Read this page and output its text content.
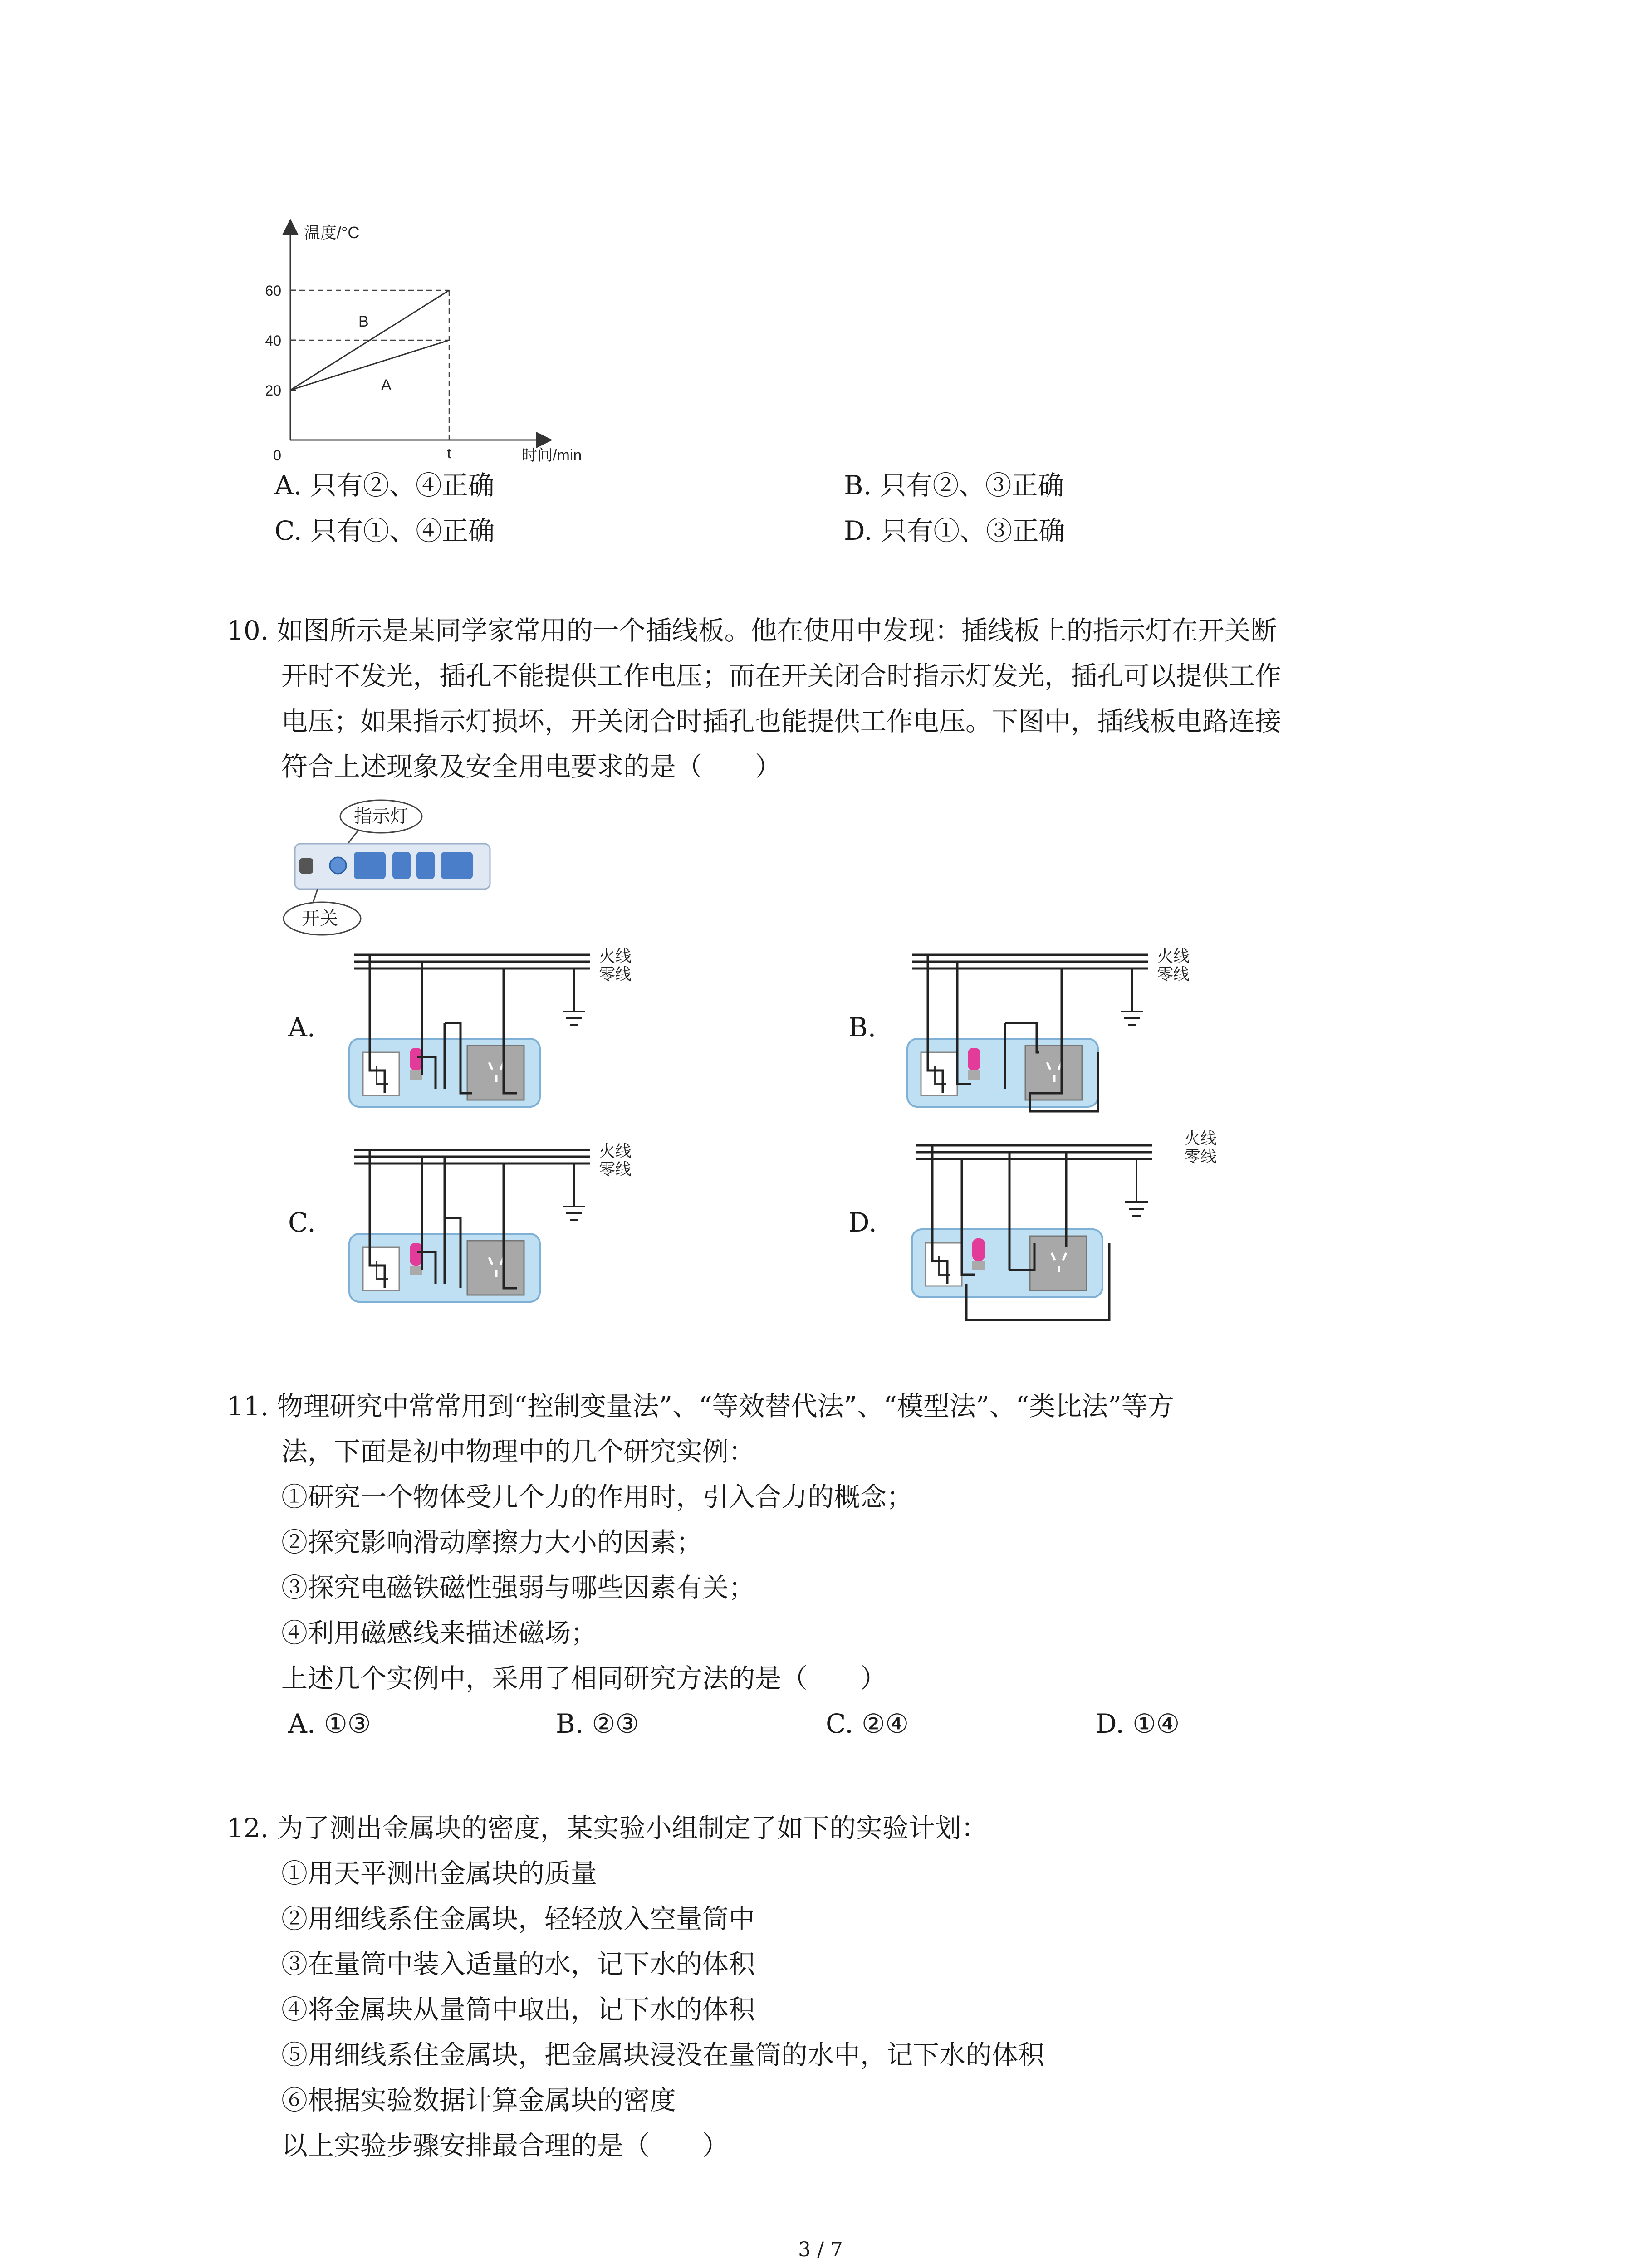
温度/°C
时间/min
0
20
40
60
t
B
A
A. 只有②、④正确	B. 只有②、③正确
C. 只有①、④正确	D. 只有①、③正确
10. 如图所示是某同学家常用的一个插线板。他在使用中发现：插线板上的指示灯在开关断
开时不发光，插孔不能提供工作电压；而在开关闭合时指示灯发光，插孔可以提供工作
电压；如果指示灯损坏，开关闭合时插孔也能提供工作电压。下图中，插线板电路连接
符合上述现象及安全用电要求的是（　　）
指示灯
开关
A.	B.
C.	D.
火线
零线
火线
零线
火线
零线
火线
零线
11. 物理研究中常常用到“控制变量法”、“等效替代法”、“模型法”、“类比法”等方
法，下面是初中物理中的几个研究实例：
①研究一个物体受几个力的作用时，引入合力的概念；
②探究影响滑动摩擦力大小的因素；
③探究电磁铁磁性强弱与哪些因素有关；
④利用磁感线来描述磁场；
上述几个实例中，采用了相同研究方法的是（　　）
A. ①③	B. ②③	C. ②④	D. ①④
12. 为了测出金属块的密度，某实验小组制定了如下的实验计划：
①用天平测出金属块的质量
②用细线系住金属块，轻轻放入空量筒中
③在量筒中装入适量的水，记下水的体积
④将金属块从量筒中取出，记下水的体积
⑤用细线系住金属块，把金属块浸没在量筒的水中，记下水的体积
⑥根据实验数据计算金属块的密度
以上实验步骤安排最合理的是（　　）
3 / 7
